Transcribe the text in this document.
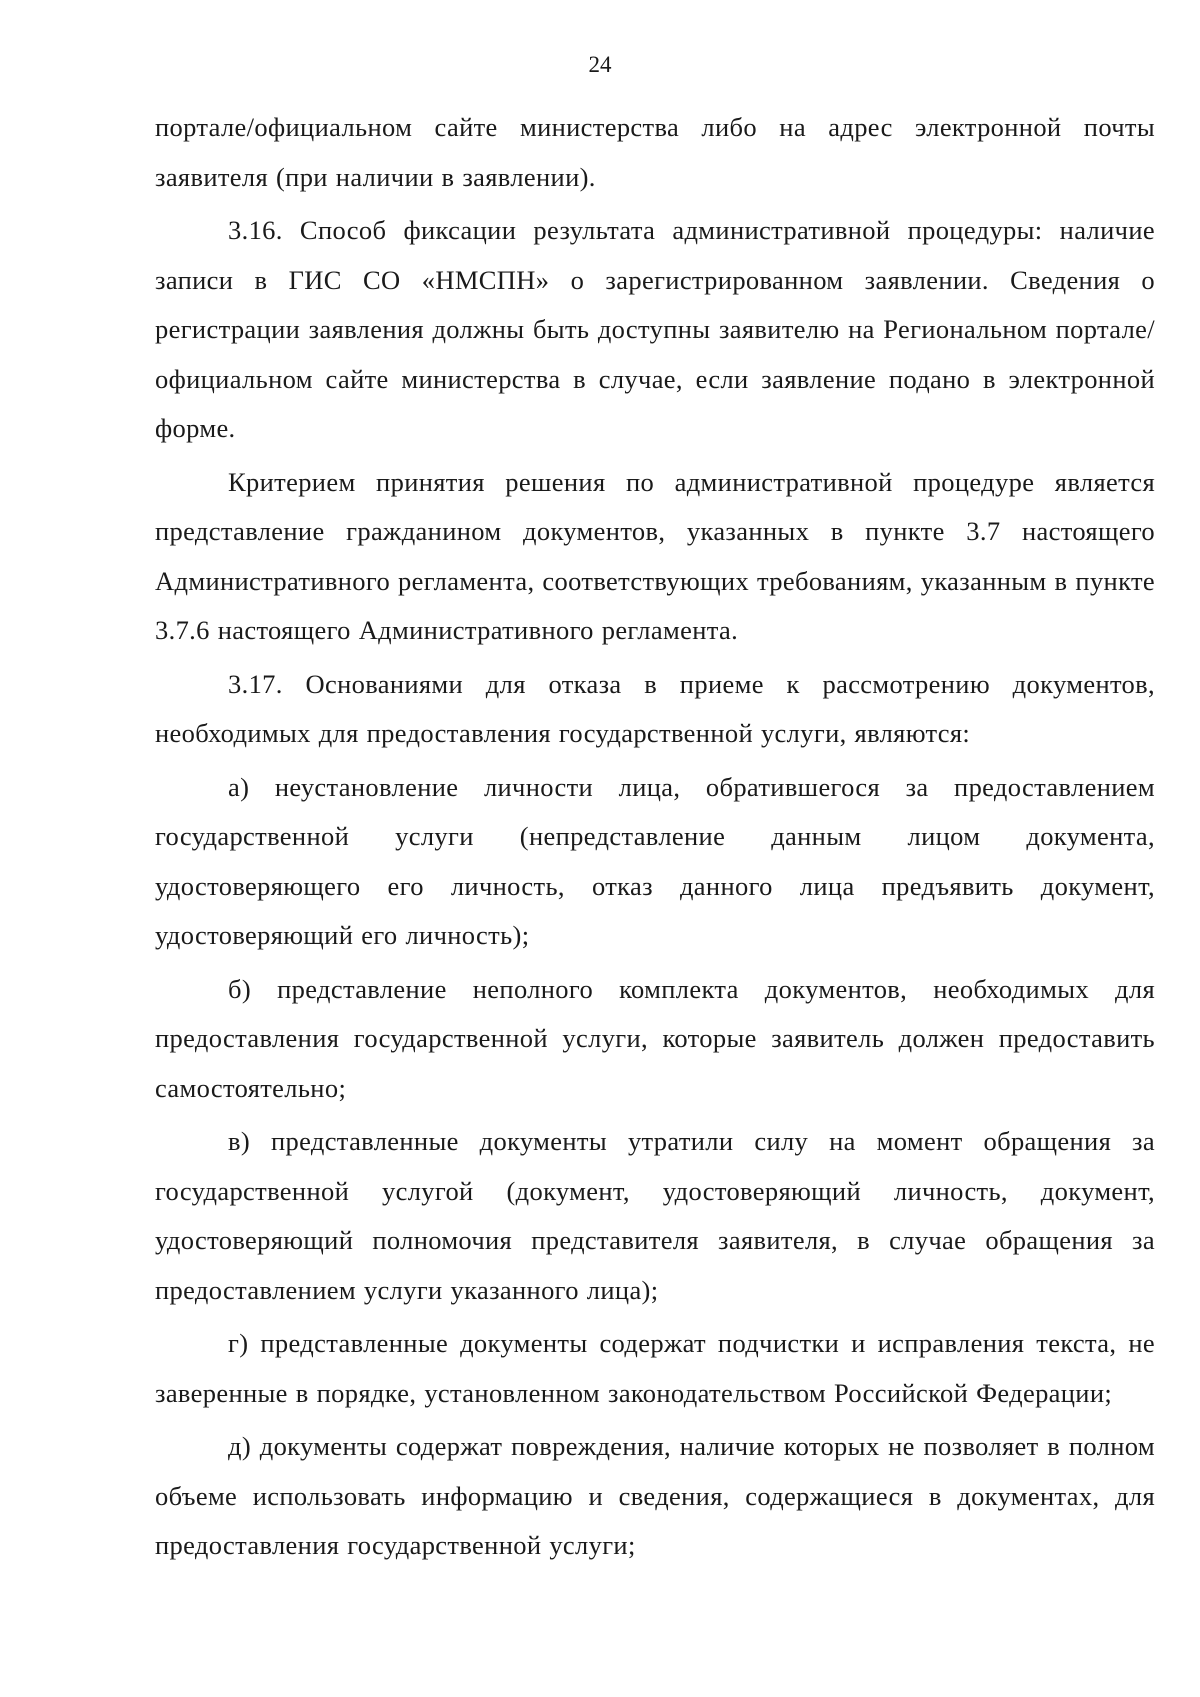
24

порталe/официальном сайте министерства либо на адрес электронной почты заявителя (при наличии в заявлении).

3.16. Способ фиксации результата административной процедуры: наличие записи в ГИС СО «НМСПН» о зарегистрированном заявлении. Сведения о регистрации заявления должны быть доступны заявителю на Региональном портале/официальном сайте министерства в случае, если заявление подано в электронной форме.

Критерием принятия решения по административной процедуре является представление гражданином документов, указанных в пункте 3.7 настоящего Административного регламента, соответствующих требованиям, указанным в пункте 3.7.6 настоящего Административного регламента.

3.17. Основаниями для отказа в приеме к рассмотрению документов, необходимых для предоставления государственной услуги, являются:

а) неустановление личности лица, обратившегося за предоставлением государственной услуги (непредставление данным лицом документа, удостоверяющего его личность, отказ данного лица предъявить документ, удостоверяющий его личность);

б) представление неполного комплекта документов, необходимых для предоставления государственной услуги, которые заявитель должен предоставить самостоятельно;

в) представленные документы утратили силу на момент обращения за государственной услугой (документ, удостоверяющий личность, документ, удостоверяющий полномочия представителя заявителя, в случае обращения за предоставлением услуги указанного лица);

г) представленные документы содержат подчистки и исправления текста, не заверенные в порядке, установленном законодательством Российской Федерации;

д) документы содержат повреждения, наличие которых не позволяет в полном объеме использовать информацию и сведения, содержащиеся в документах, для предоставления государственной услуги;
